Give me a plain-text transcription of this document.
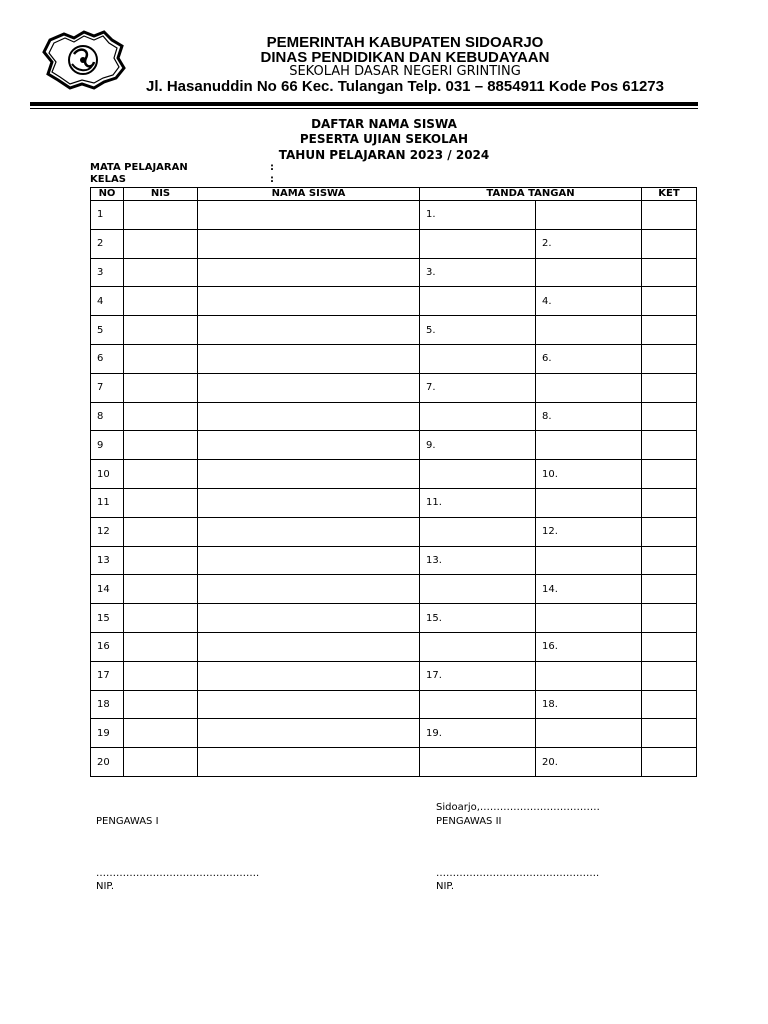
PEMERINTAH KABUPATEN SIDOARJO
DINAS PENDIDIKAN DAN KEBUDAYAAN
SEKOLAH DASAR NEGERI GRINTING
Jl. Hasanuddin No 66 Kec. Tulangan Telp. 031 – 8854911 Kode Pos 61273
DAFTAR NAMA SISWA
PESERTA UJIAN SEKOLAH
TAHUN PELAJARAN 2023 / 2024
MATA PELAJARAN	:
KELAS	:
NO	NIS	NAMA SISWA	TANDA TANGAN		KET
1			1.		
2				2.	
3			3.		
4				4.	
5			5.		
6				6.	
7			7.		
8				8.	
9			9.		
10				10.	
11			11.		
12				12.	
13			13.		
14				14.	
15			15.		
16				16.	
17			17.		
18				18.	
19			19.		
20				20.	
Sidoarjo,………………………………
PENGAWAS I	PENGAWAS II
………………………………………….	………………………………………….
NIP.	NIP.
